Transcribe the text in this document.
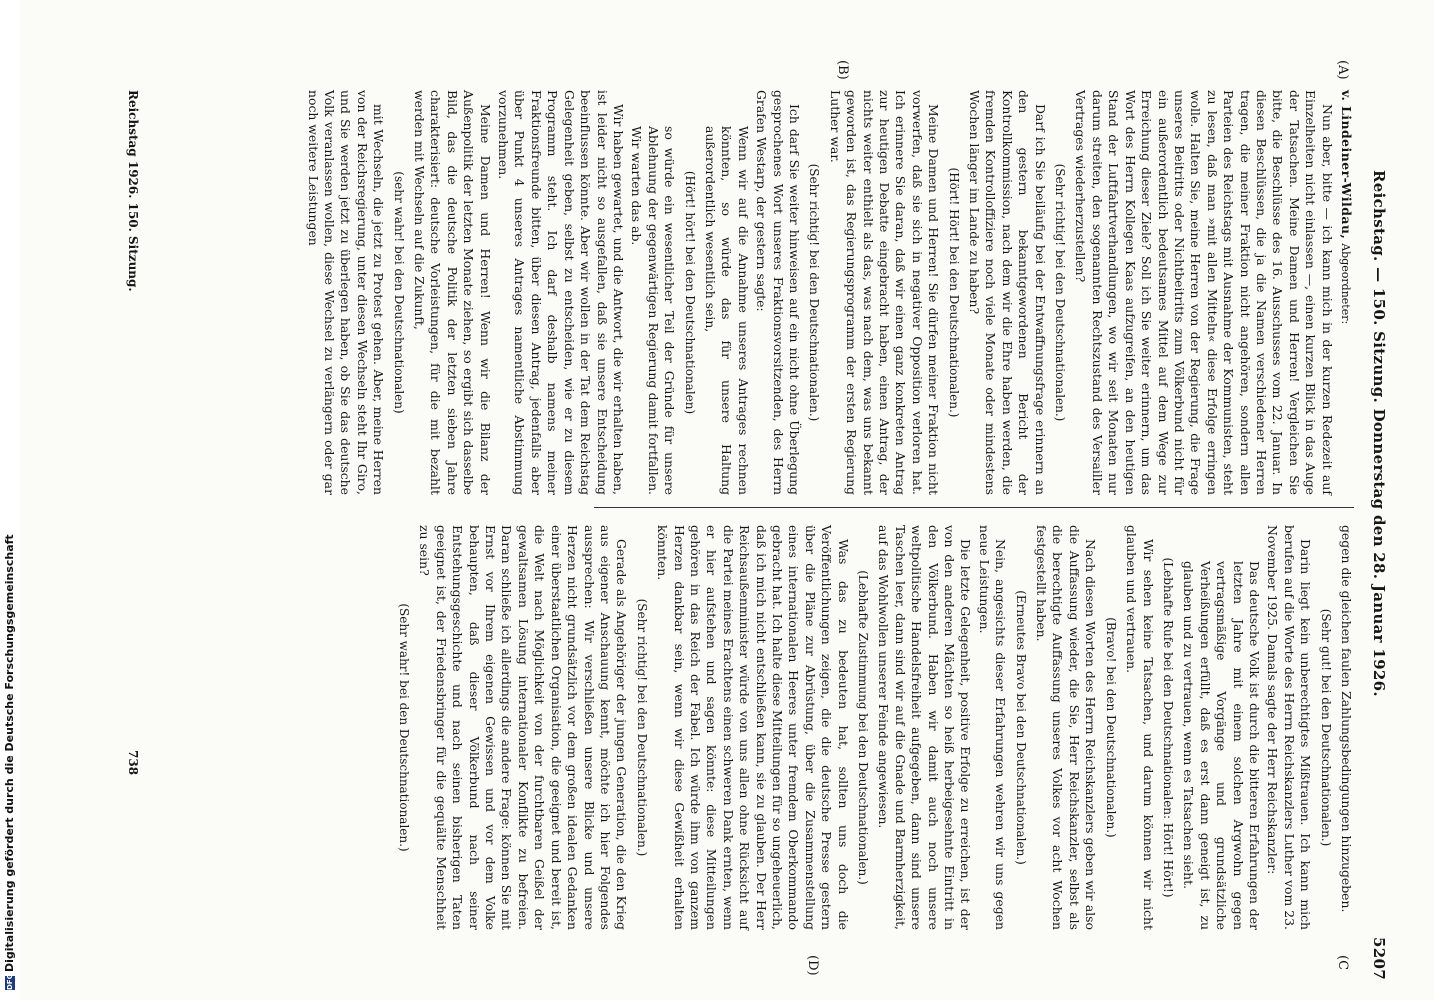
Reichstag. — 150. Sitzung. Donnerstag den 28. Januar 1926.
5207
(A)
(B)
(C
(D)

v. Lindeiner-Wildau, Abgeordneter:

Nun aber, bitte — ich kann mich in der kurzen Redezeit auf Einzelheiten nicht einlassen —, einen kurzen Blick in das Auge der Tatsachen. Meine Damen und Herren! Vergleichen Sie bitte, die Beschlüsse des 16. Ausschusses vom 22. Januar. In diesen Beschlüssen, die ja die Namen verschiedener Herren tragen, die meiner Fraktion nicht angehören, sondern allen Parteien des Reichstags mit Ausnahme der Kommunisten, steht zu lesen, daß man »mit allen Mitteln« diese Erfolge erringen wolle. Halten Sie, meine Herren von der Regierung, die Frage unseres Beitritts oder Nichtbeitritts zum Völkerbund nicht für ein außerordentlich bedeutsames Mittel auf dem Wege zur Erreichung dieser Ziele? Soll ich Sie weiter erinnern, um das Wort des Herrn Kollegen Kaas aufzugreifen, an den heutigen Stand der Luftfahrtverhandlungen, wo wir seit Monaten nur darum streiten, den sogenannten Rechtszustand des Versailler Vertrages wiederherzustellen?

(Sehr richtig! bei den Deutschnationalen.)

Darf ich Sie beiläufig bei der Entwaffnungsfrage erinnern an den gestern bekanntgewordenen Bericht der Kontrollkommission, nach dem wir die Ehre haben werden, die fremden Kontrolloffiziere noch viele Monate oder mindestens Wochen länger im Lande zu haben?

(Hört! Hört! bei den Deutschnationalen.)

Meine Damen und Herren! Sie dürfen meiner Fraktion nicht vorwerfen, daß sie sich in negativer Opposition verloren hat. Ich erinnere Sie daran, daß wir einen ganz konkreten Antrag zur heutigen Debatte eingebracht haben, einen Antrag, der nichts weiter enthielt als das, was nach dem, was uns bekannt geworden ist, das Regierungsprogramm der ersten Regierung Luther war.

(Sehr richtig! bei den Deutschnationalen.)

Ich darf Sie weiter hinweisen auf ein nicht ohne Überlegung gesprochenes Wort unseres Fraktionsvorsitzenden, des Herrn Grafen Westarp, der gestern sagte:

Wenn wir auf die Annahme unseres Antrages rechnen könnten, so würde das für unsere Haltung außerordentlich wesentlich sein,

(Hört! hört! bei den Deutschnationalen)

so würde ein wesentlicher Teil der Gründe für unsere Ablehnung der gegenwärtigen Regierung damit fortfallen. Wir warten das ab.

Wir haben gewartet, und die Antwort, die wir erhalten haben, ist leider nicht so ausgefallen, daß sie unsere Entscheidung beeinflussen könnte. Aber wir wollen in der Tat dem Reichstag Gelegenheit geben, selbst zu entscheiden, wie er zu diesem Programm steht. Ich darf deshalb namens meiner Fraktionsfreunde bitten, über diesen Antrag, jedenfalls aber über Punkt 4 unseres Antrages namentliche Abstimmung vorzunehmen.

Meine Damen und Herren! Wenn wir die Bilanz der Außenpolitik der letzten Monate ziehen, so ergibt sich dasselbe Bild, das die deutsche Politik der letzten sieben Jahre charakterisiert: deutsche Vorleistungen, für die mit bezahlt werden mit Wechseln auf die Zukunft,

(sehr wahr! bei den Deutschnationalen)

mit Wechseln, die jetzt zu Protest gehen. Aber, meine Herren von der Reichsregierung, unter diesen Wechseln steht Ihr Giro, und Sie werden jetzt zu überlegen haben, ob Sie das deutsche Volk veranlassen wollen, diese Wechsel zu verlängern oder gar noch weitere Leistungen

gegen die gleichen faulen Zahlungsbedingungen hinzugeben.

(Sehr gut! bei den Deutschnationalen.)

Darin liegt kein unberechtigtes Mißtrauen. Ich kann mich berufen auf die Worte des Herrn Reichskanzlers Luther vom 23. November 1925. Damals sagte der Herr Reichskanzler:

Das deutsche Volk ist durch die bitteren Erfahrungen der letzten Jahre mit einem solchen Argwohn gegen vertragsmäßige Vorgänge und grundsätzliche Verheißungen erfüllt, daß es erst dann geneigt ist, zu glauben und zu vertrauen, wenn es Tatsachen sieht.

(Lebhafte Rufe bei den Deutschnationalen: Hört! Hört!)

Wir sehen keine Tatsachen, und darum können wir nicht glauben und vertrauen.

(Bravo! bei den Deutschnationalen.)

Nach diesen Worten des Herrn Reichskanzlers geben wir also die Auffassung wieder, die Sie, Herr Reichskanzler, selbst als die berechtigte Auffassung unseres Volkes vor acht Wochen festgestellt haben.

(Erneutes Bravo bei den Deutschnationalen.)

Nein, angesichts dieser Erfahrungen wehren wir uns gegen neue Leistungen.

Die letzte Gelegenheit, positive Erfolge zu erreichen, ist der von den anderen Mächten so heiß herbeigesehnte Eintritt in den Völkerbund. Haben wir damit auch noch unsere weltpolitische Handelsfreiheit aufgegeben, dann sind unsere Taschen leer, dann sind wir auf die Gnade und Barmherzigkeit, auf das Wohlwollen unserer Feinde angewiesen.

(Lebhafte Zustimmung bei den Deutschnationalen.)

Was das zu bedeuten hat, sollten uns doch die Veröffentlichungen zeigen, die die deutsche Presse gestern über die Pläne zur Abrüstung, über die Zusammenstellung eines internationalen Heeres unter fremdem Oberkommando gebracht hat. Ich halte diese Mitteilungen für so ungeheuerlich, daß ich mich nicht entschließen kann, sie zu glauben. Der Herr Reichsaußenminister würde von uns allen ohne Rücksicht auf die Partei meines Erachtens einen schweren Dank ernten, wenn er hier aufstehen und sagen könnte: diese Mitteilungen gehören in das Reich der Fabel. Ich würde ihm von ganzem Herzen dankbar sein, wenn wir diese Gewißheit erhalten könnten.

(Sehr richtig! bei den Deutschnationalen.)

Gerade als Angehöriger der jungen Generation, die den Krieg aus eigener Anschauung kennt, möchte ich hier Folgendes aussprechen: Wir verschließen unsere Blicke und unsere Herzen nicht grundsätzlich vor dem großen idealen Gedanken einer überstaatlichen Organisation, die geeignet und bereit ist, die Welt nach Möglichkeit von der furchtbaren Geißel der gewaltsamen Lösung internationaler Konflikte zu befreien. Daran schließe ich allerdings die andere Frage: können Sie mit Ernst vor Ihrem eigenen Gewissen und vor dem Volke behaupten, daß dieser Völkerbund nach seiner Entstehungsgeschichte und nach seinen bisherigen Taten geeignet ist, der Friedensbringer für die gequälte Menschheit zu sein?

(Sehr wahr! bei den Deutschnationalen.)

Reichstag 1926. 150. Sitzung.
738
DFGDigitalisierung gefördert durch die Deutsche Forschungsgemeinschaft
